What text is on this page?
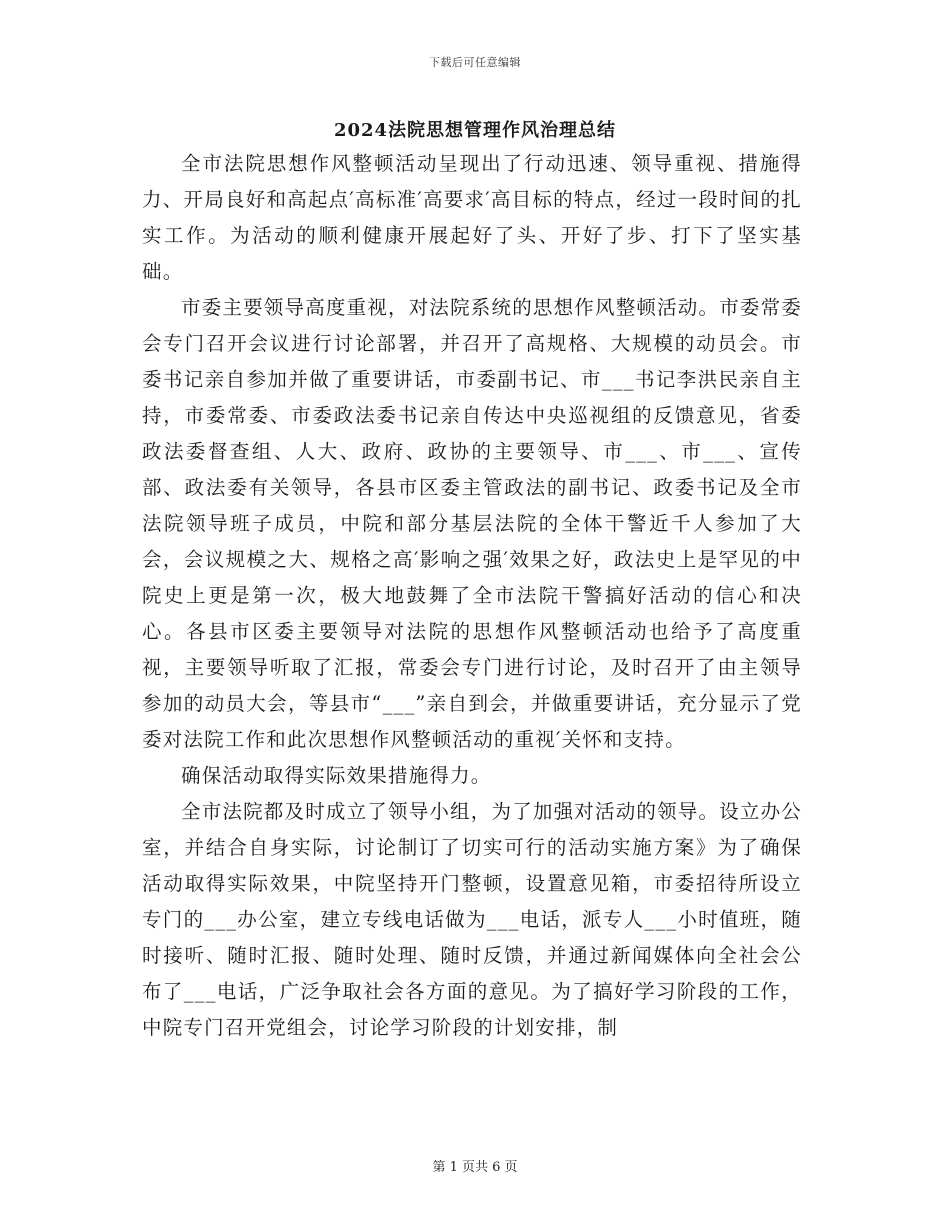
下载后可任意编辑
2024法院思想管理作风治理总结

全市法院思想作风整顿活动呈现出了行动迅速、领导重视、措施得力、开局良好和高起点′高标准′高要求′高目标的特点，经过一段时间的扎实工作。为活动的顺利健康开展起好了头、开好了步、打下了坚实基础。

市委主要领导高度重视，对法院系统的思想作风整顿活动。市委常委会专门召开会议进行讨论部署，并召开了高规格、大规模的动员会。市委书记亲自参加并做了重要讲话，市委副书记、市___书记李洪民亲自主持，市委常委、市委政法委书记亲自传达中央巡视组的反馈意见，省委政法委督查组、人大、政府、政协的主要领导、市___、市___、宣传部、政法委有关领导，各县市区委主管政法的副书记、政委书记及全市法院领导班子成员，中院和部分基层法院的全体干警近千人参加了大会，会议规模之大、规格之高′影响之强′效果之好，政法史上是罕见的中院史上更是第一次，极大地鼓舞了全市法院干警搞好活动的信心和决心。各县市区委主要领导对法院的思想作风整顿活动也给予了高度重视，主要领导听取了汇报，常委会专门进行讨论，及时召开了由主领导参加的动员大会，等县市“___”亲自到会，并做重要讲话，充分显示了党委对法院工作和此次思想作风整顿活动的重视′关怀和支持。

确保活动取得实际效果措施得力。

全市法院都及时成立了领导小组，为了加强对活动的领导。设立办公室，并结合自身实际，讨论制订了切实可行的活动实施方案》为了确保活动取得实际效果，中院坚持开门整顿，设置意见箱，市委招待所设立专门的___办公室，建立专线电话做为___电话，派专人___小时值班，随时接听、随时汇报、随时处理、随时反馈，并通过新闻媒体向全社会公布了___电话，广泛争取社会各方面的意见。为了搞好学习阶段的工作，中院专门召开党组会，讨论学习阶段的计划安排，制

第 1 页共 6 页
